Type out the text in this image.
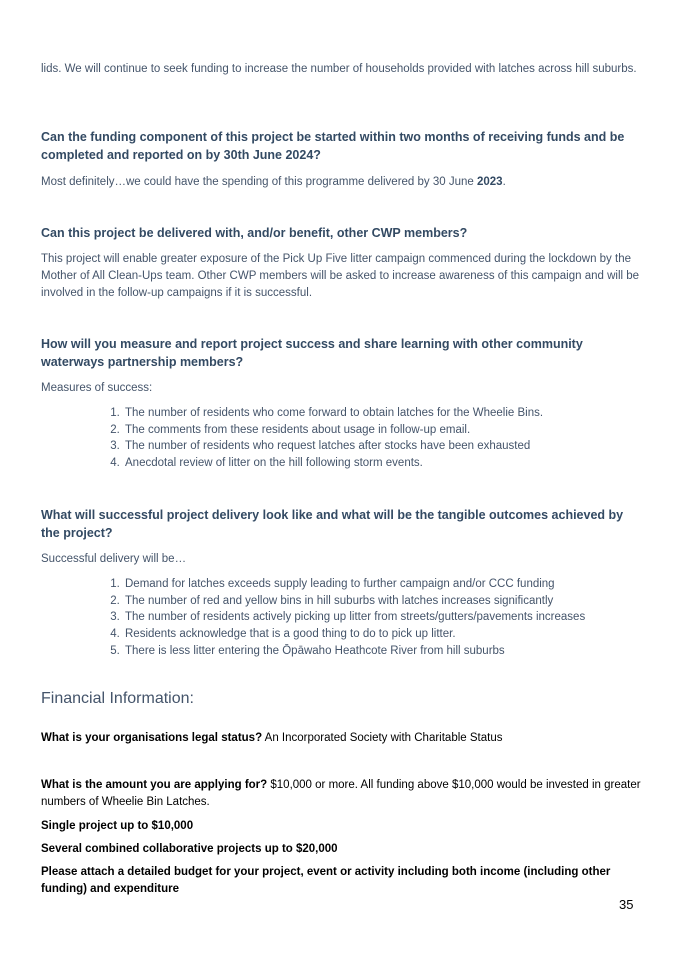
lids. We will continue to seek funding to increase the number of households provided with latches across hill suburbs.

Can the funding component of this project be started within two months of receiving funds and be completed and reported on by 30th June 2024?

Most definitely…we could have the spending of this programme delivered by 30 June 2023.

Can this project be delivered with, and/or benefit, other CWP members?

This project will enable greater exposure of the Pick Up Five litter campaign commenced during the lockdown by the Mother of All Clean-Ups team. Other CWP members will be asked to increase awareness of this campaign and will be involved in the follow-up campaigns if it is successful.

How will you measure and report project success and share learning with other community waterways partnership members?

Measures of success:

1. The number of residents who come forward to obtain latches for the Wheelie Bins.
2. The comments from these residents about usage in follow-up email.
3. The number of residents who request latches after stocks have been exhausted
4. Anecdotal review of litter on the hill following storm events.

What will successful project delivery look like and what will be the tangible outcomes achieved by the project?

Successful delivery will be…

1. Demand for latches exceeds supply leading to further campaign and/or CCC funding
2. The number of red and yellow bins in hill suburbs with latches increases significantly
3. The number of residents actively picking up litter from streets/gutters/pavements increases
4. Residents acknowledge that is a good thing to do to pick up litter.
5. There is less litter entering the Ōpāwaho Heathcote River from hill suburbs

Financial Information:

What is your organisations legal status? An Incorporated Society with Charitable Status

What is the amount you are applying for? $10,000 or more. All funding above $10,000 would be invested in greater numbers of Wheelie Bin Latches.

Single project up to $10,000

Several combined collaborative projects up to $20,000

Please attach a detailed budget for your project, event or activity including both income (including other funding) and expenditure

35
